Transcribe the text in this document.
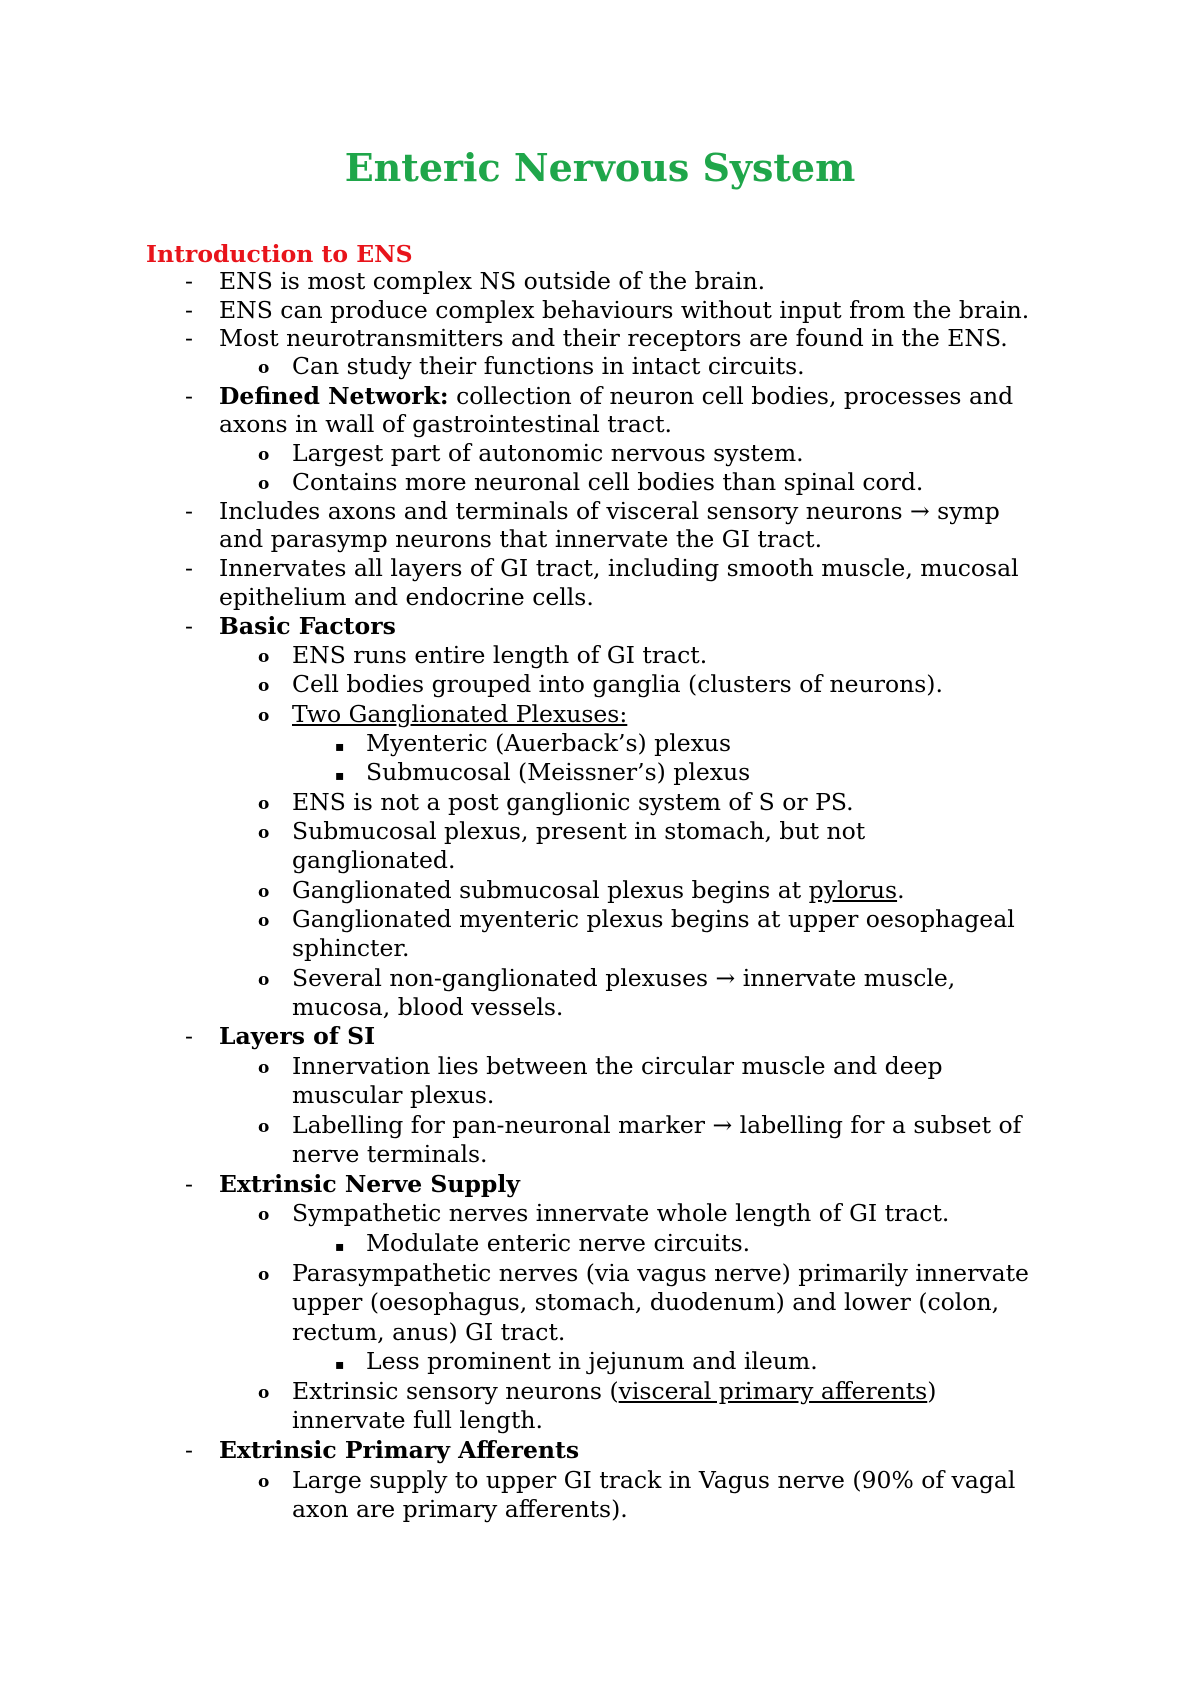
Enteric Nervous System
Introduction to ENS
- ENS is most complex NS outside of the brain.
- ENS can produce complex behaviours without input from the brain.
- Most neurotransmitters and their receptors are found in the ENS.
o Can study their functions in intact circuits.
- Defined Network: collection of neuron cell bodies, processes and
axons in wall of gastrointestinal tract.
o Largest part of autonomic nervous system.
o Contains more neuronal cell bodies than spinal cord.
- Includes axons and terminals of visceral sensory neurons → symp
and parasymp neurons that innervate the GI tract.
- Innervates all layers of GI tract, including smooth muscle, mucosal
epithelium and endocrine cells.
- Basic Factors
o ENS runs entire length of GI tract.
o Cell bodies grouped into ganglia (clusters of neurons).
o Two Ganglionated Plexuses:
▪ Myenteric (Auerback’s) plexus
▪ Submucosal (Meissner’s) plexus
o ENS is not a post ganglionic system of S or PS.
o Submucosal plexus, present in stomach, but not
ganglionated.
o Ganglionated submucosal plexus begins at pylorus.
o Ganglionated myenteric plexus begins at upper oesophageal
sphincter.
o Several non-ganglionated plexuses → innervate muscle,
mucosa, blood vessels.
- Layers of SI
o Innervation lies between the circular muscle and deep
muscular plexus.
o Labelling for pan-neuronal marker → labelling for a subset of
nerve terminals.
- Extrinsic Nerve Supply
o Sympathetic nerves innervate whole length of GI tract.
▪ Modulate enteric nerve circuits.
o Parasympathetic nerves (via vagus nerve) primarily innervate
upper (oesophagus, stomach, duodenum) and lower (colon,
rectum, anus) GI tract.
▪ Less prominent in jejunum and ileum.
o Extrinsic sensory neurons (visceral primary afferents)
innervate full length.
- Extrinsic Primary Afferents
o Large supply to upper GI track in Vagus nerve (90% of vagal
axon are primary afferents).
